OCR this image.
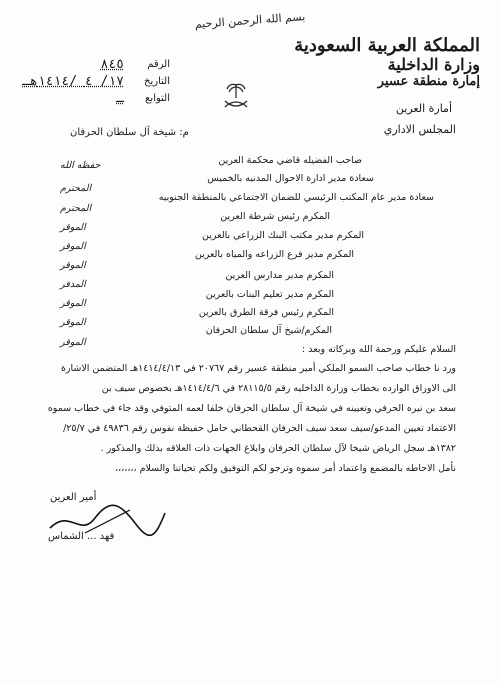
بسم الله الرحمن الرحيم
المملكة العربية السعودية
وزارة الداخلية
إمارة منطقة عسير
أمارة العرين
المجلس الاداري
الرقم
٨٤٥
التاريخ
١٧/ ٤ /١٤١٤هـ
التوابع
ـ
م: شيخة آل سلطان الحرفان
صاحب الفضيله قاضي محكمة العرين
حفظه الله
سعادة مدير ادارة الاحوال المدنيه بالخميس
المحترم
سعادة مدير عام المكتب الرئيسي للضمان الاجتماعي بالمنطقة الجنوبيه
المحترم
المكرم رئيس شرطة العرين
الموقر
المكرم مدير مكتب البنك الزراعي بالعرين
الموقر
المكرم مدير فرع الزراعه والمياه بالعرين
الموقر
المكرم مدير مدارس العرين
المدفر
المكرم مدير تعليم البنات بالعرين
الموقر
المكرم رئيس فرقة الطرق بالعرين
الموقر
المكرم/شيخ آل سلطان الحرفان
الموقر
السلام عليكم ورحمة الله وبركاته وبعد :
ورد نا خطاب صاحب السمو الملكي أمير منطقة عسير رقم ٢٠٧٦٧ في ١٤١٤/٤/١٣هـ المتضمن الاشارة
الى الاوراق الوارده بخطاب وزارة الداخليه رقم ٢٨١١٥/٥ في ١٤١٤/٤/٦هـ بخصوص سيف بن
سعد بن نيره الحرفي وتعيينه في شيخة آل سلطان الحرفان خلفا لعمه المتوفي وقد جاء في خطاب سموه
الاعتماد تعيين المدعو/سيف سعد سيف الحرفان القحطاني حامل حفيظة نفوس رقم ٤٩٨٣٦ في ٢٥/٧/
١٣٨٢هـ سجل الرياض شيخا لآل سلطان الحرفان وابلاغ الجهات ذات العلاقه بذلك والمذكور .
نأمل الاحاطه بالمضمع واعتماد أمر سموه وترجو لكم التوفيق ولكم تحياتنا والسلام ،،،،،،،
أمير العرين
فهد ... الشماس
